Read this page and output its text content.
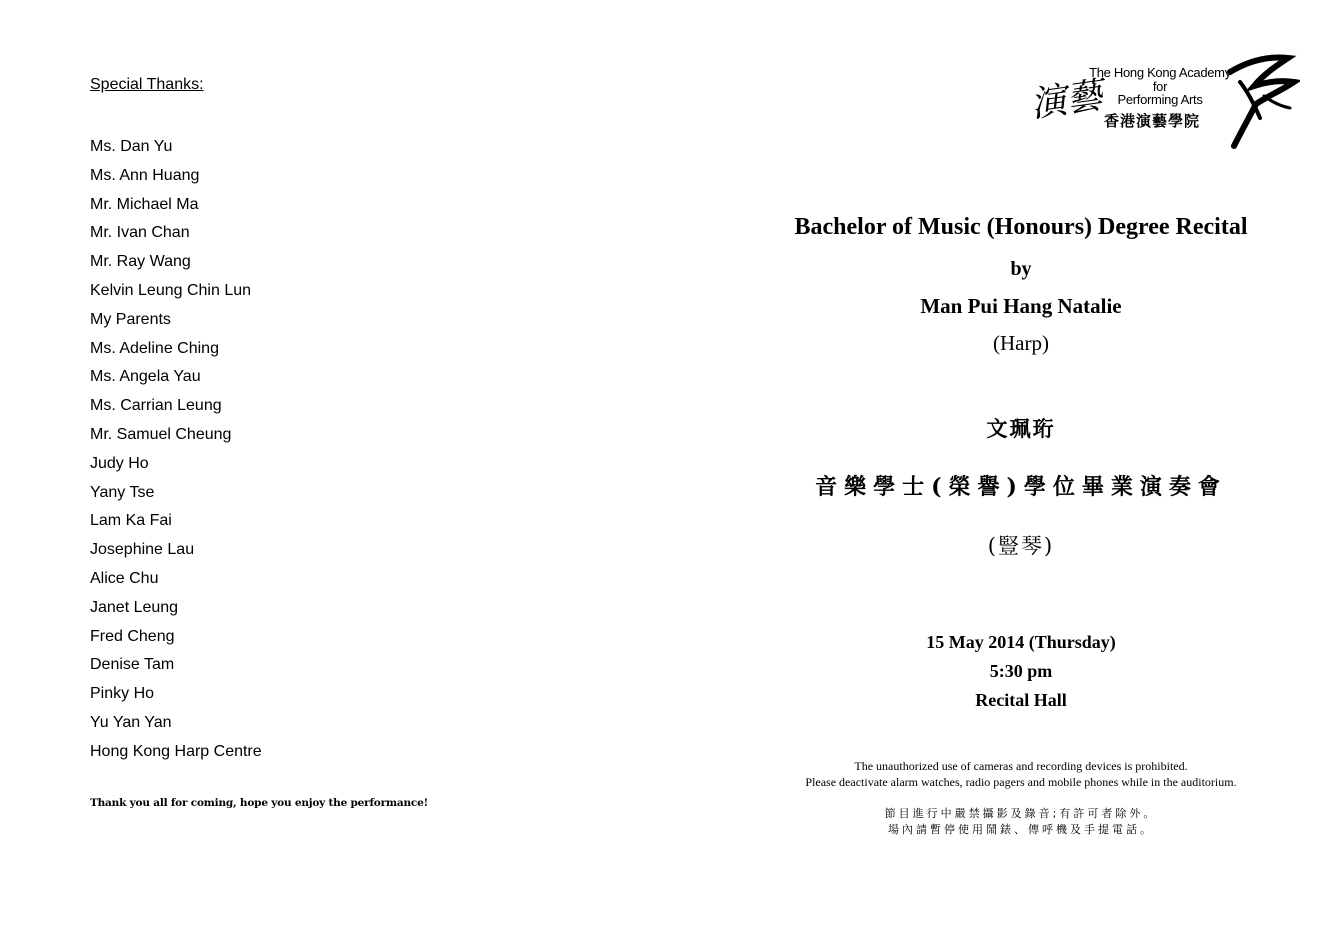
Special Thanks:
Ms. Dan Yu
Ms. Ann Huang
Mr. Michael Ma
Mr. Ivan Chan
Mr. Ray Wang
Kelvin Leung Chin Lun
My Parents
Ms. Adeline Ching
Ms. Angela Yau
Ms. Carrian Leung
Mr. Samuel Cheung
Judy Ho
Yany Tse
Lam Ka Fai
Josephine Lau
Alice Chu
Janet Leung
Fred Cheng
Denise Tam
Pinky Ho
Yu Yan Yan
Hong Kong Harp Centre
Thank you all for coming, hope you enjoy the performance!
演藝
The Hong Kong Academy
for
Performing Arts
香港演藝學院
Bachelor of Music (Honours) Degree Recital
by
Man Pui Hang Natalie
(Harp)
文珮珩
音樂學士(榮譽)學位畢業演奏會
(豎琴)
15 May 2014 (Thursday)
5:30 pm
Recital Hall
The unauthorized use of cameras and recording devices is prohibited.
Please deactivate alarm watches, radio pagers and mobile phones while in the auditorium.
節目進行中嚴禁攝影及錄音;有許可者除外。
場內請暫停使用鬧錶、傳呼機及手提電話。
